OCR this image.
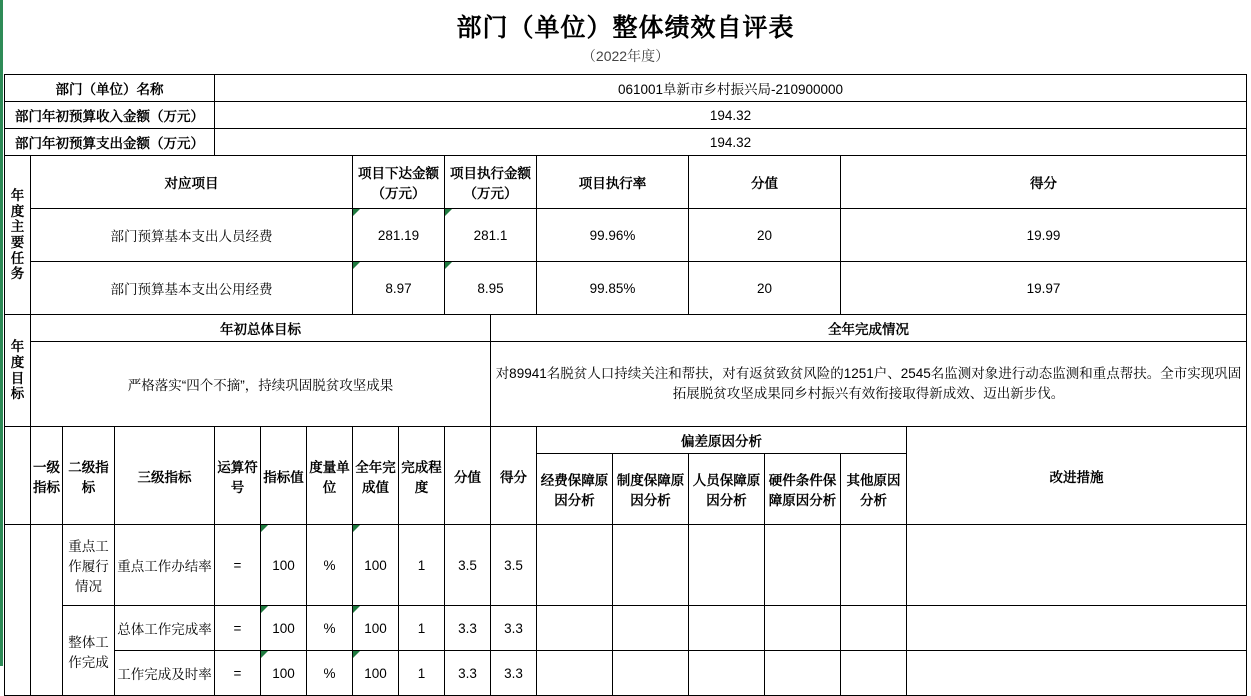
部门（单位）整体绩效自评表
（2022年度）
部门（单位）名称				061001阜新市乡村振兴局-210900000												
部门年初预算收入金额（万元）				194.32												
部门年初预算支出金额（万元）				194.32												

年度
主要
任务	对应项目						项目下达金额（万元）		项目执行金额（万元）		项目执行率		分值		得分	
	部门预算基本支出人员经费						281.19		281.1		99.96%		20		19.99	
	部门预算基本支出公用经费						8.97		8.95		99.85%		20		19.97	

年度
目标	年初总体目标									全年完成情况						
	严格落实“四个不摘”，持续巩固脱贫攻坚成果									对89941名脱贫人口持续关注和帮扶，对有返贫致贫风险的1251户、2545名监测对象进行动态监测和重点帮扶。全市实现巩固拓展脱贫攻坚成果同乡村振兴有效衔接取得新成效、迈出新步伐。						
	一级指标	二级指标	三级指标	运算符号	指标值	度量单位	全年完成值	完成程度	分值	得分	偏差原因分析					改进措施
											经费保障原因分析	制度保障原因分析	人员保障原因分析	硬件条件保障原因分析	其他原因分析	
		重点工作履行情况	重点工作办结率	=	100	%	100	1	3.5	3.5						
		整体工作完成	总体工作完成率	=	100	%	100	1	3.3	3.3						
			工作完成及时率	=	100	%	100	1	3.3	3.3						
